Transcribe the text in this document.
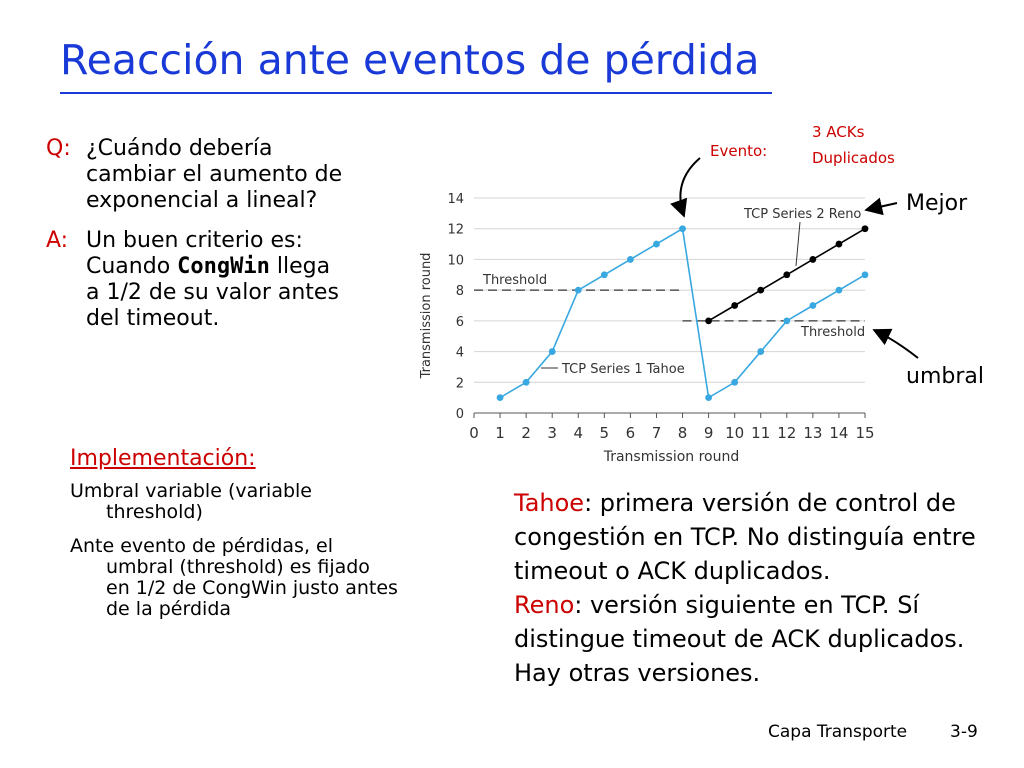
Reacción ante eventos de pérdida
Q: ¿Cuándo debería
cambiar el aumento de
exponencial a lineal?
A: Un buen criterio es:
Cuando CongWin llega
a 1/2 de su valor antes
del timeout.
Implementación:
Umbral variable (variable
threshold)
Ante evento de pérdidas, el
umbral (threshold) es fijado
en 1/2 de CongWin justo antes
de la pérdida
Tahoe: primera versión de control de congestión en TCP. No distinguía entre timeout o ACK duplicados.
Reno: versión siguiente en TCP. Sí distingue timeout de ACK duplicados. Hay otras versiones.
Capa Transporte	3-9
0
2
4
6
8
10
12
14
0 1 2 3 4 5 6 7 8 9 10 11 12 13 14 15
Transmission round
Transmission round	Threshold
Threshold
TCP Series 1 Tahoe
TCP Series 2 Reno
Evento:
3 ACKs
Duplicados
Mejor
umbral
